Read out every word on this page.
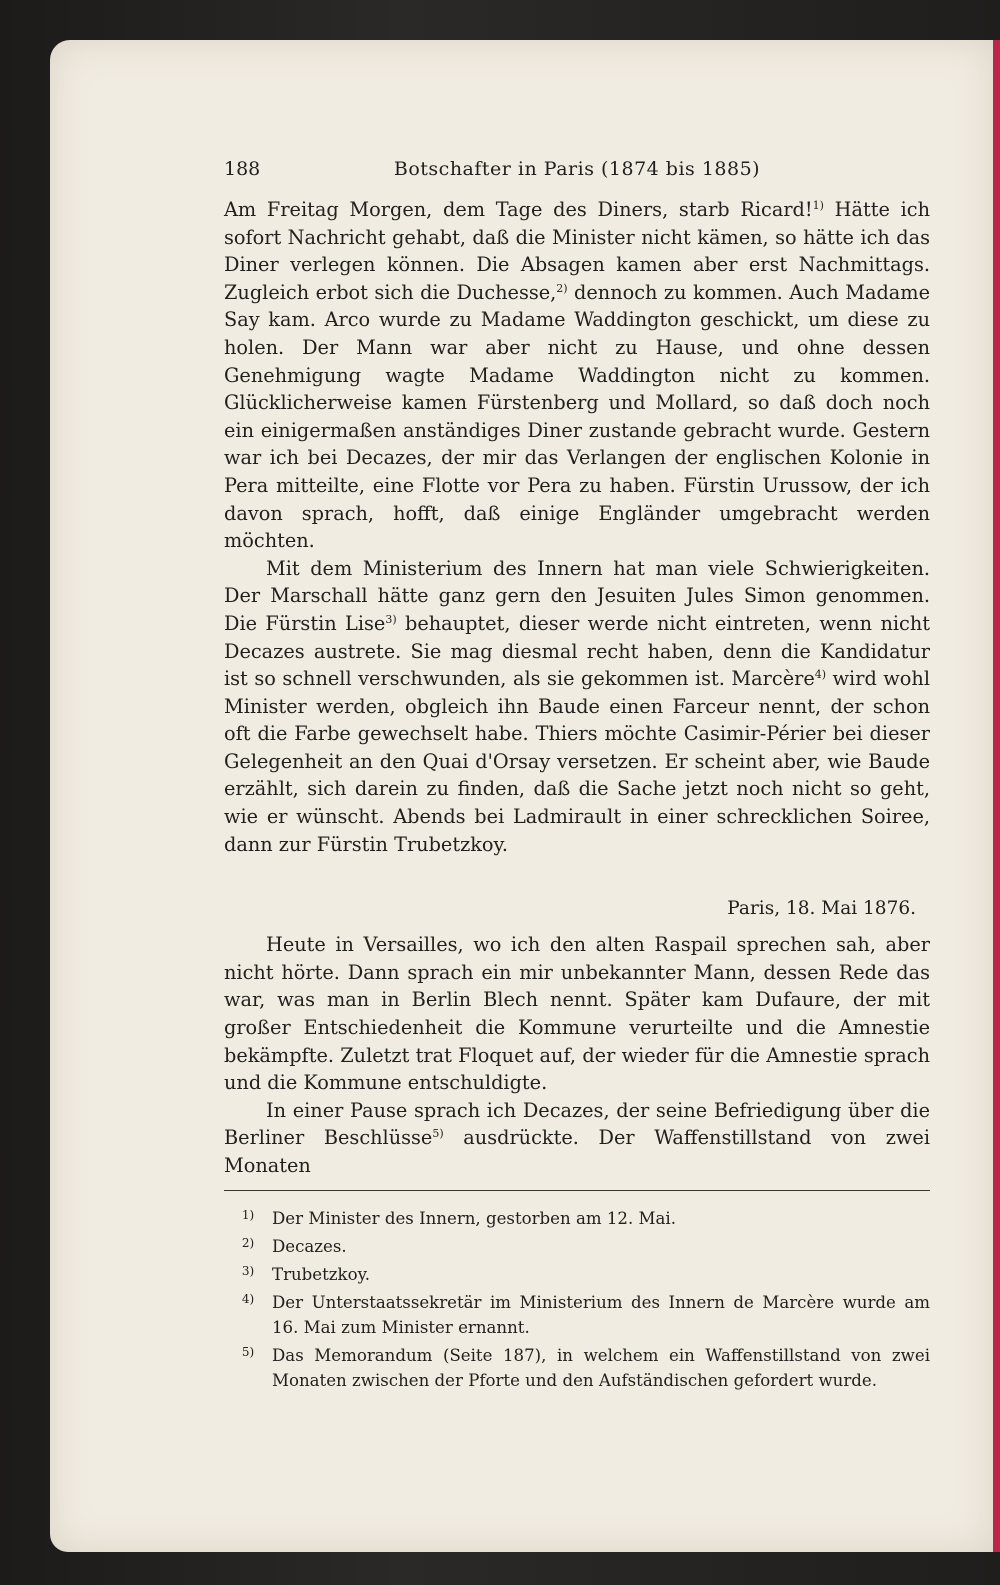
188	Botschafter in Paris (1874 bis 1885)

Am Freitag Morgen, dem Tage des Diners, starb Ricard!$^{1)}$ Hätte ich sofort Nachricht gehabt, daß die Minister nicht kämen, so hätte ich das Diner verlegen können. Die Absagen kamen aber erst Nachmittags. Zugleich erbot sich die Duchesse,$^{2)}$ dennoch zu kommen. Auch Madame Say kam. Arco wurde zu Madame Waddington geschickt, um diese zu holen. Der Mann war aber nicht zu Hause, und ohne dessen Genehmigung wagte Madame Waddington nicht zu kommen. Glücklicherweise kamen Fürstenberg und Mollard, so daß doch noch ein einigermaßen anständiges Diner zustande gebracht wurde. Gestern war ich bei Decazes, der mir das Verlangen der englischen Kolonie in Pera mitteilte, eine Flotte vor Pera zu haben. Fürstin Urussow, der ich davon sprach, hofft, daß einige Engländer umgebracht werden möchten.

Mit dem Ministerium des Innern hat man viele Schwierigkeiten. Der Marschall hätte ganz gern den Jesuiten Jules Simon genommen. Die Fürstin Lise$^{3)}$ behauptet, dieser werde nicht eintreten, wenn nicht Decazes austrete. Sie mag diesmal recht haben, denn die Kandidatur ist so schnell verschwunden, als sie gekommen ist. Marcère$^{4)}$ wird wohl Minister werden, obgleich ihn Baude einen Farceur nennt, der schon oft die Farbe gewechselt habe. Thiers möchte Casimir-Périer bei dieser Gelegenheit an den Quai d'Orsay versetzen. Er scheint aber, wie Baude erzählt, sich darein zu finden, daß die Sache jetzt noch nicht so geht, wie er wünscht. Abends bei Ladmirault in einer schrecklichen Soiree, dann zur Fürstin Trubetzkoy.

Paris, 18. Mai 1876.

Heute in Versailles, wo ich den alten Raspail sprechen sah, aber nicht hörte. Dann sprach ein mir unbekannter Mann, dessen Rede das war, was man in Berlin Blech nennt. Später kam Dufaure, der mit großer Entschiedenheit die Kommune verurteilte und die Amnestie bekämpfte. Zuletzt trat Floquet auf, der wieder für die Amnestie sprach und die Kommune entschuldigte.

In einer Pause sprach ich Decazes, der seine Befriedigung über die Berliner Beschlüsse$^{5)}$ ausdrückte. Der Waffenstillstand von zwei Monaten

1) Der Minister des Innern, gestorben am 12. Mai.

2) Decazes.

3) Trubetzkoy.

4) Der Unterstaatssekretär im Ministerium des Innern de Marcère wurde am 16. Mai zum Minister ernannt.

5) Das Memorandum (Seite 187), in welchem ein Waffenstillstand von zwei Monaten zwischen der Pforte und den Aufständischen gefordert wurde.
